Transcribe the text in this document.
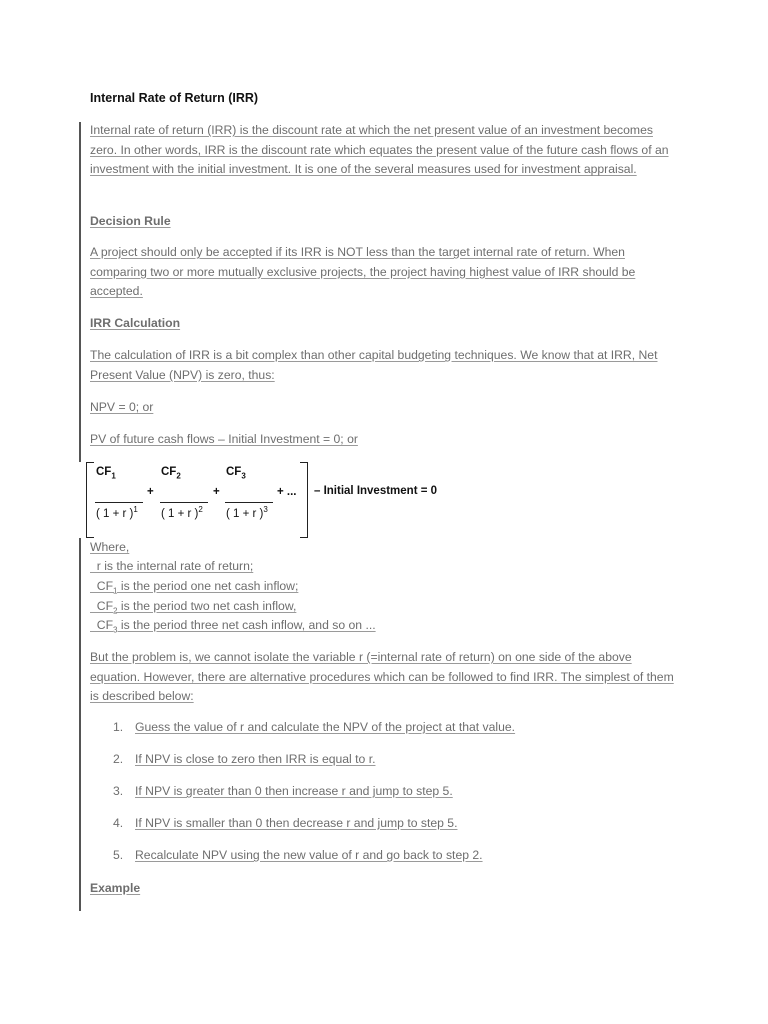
Internal Rate of Return (IRR)
Internal rate of return (IRR) is the discount rate at which the net present value of an investment becomes zero. In other words, IRR is the discount rate which equates the present value of the future cash flows of an investment with the initial investment. It is one of the several measures used for investment appraisal.
Decision Rule
A project should only be accepted if its IRR is NOT less than the target internal rate of return. When comparing two or more mutually exclusive projects, the project having highest value of IRR should be accepted.
IRR Calculation
The calculation of IRR is a bit complex than other capital budgeting techniques. We know that at IRR, Net Present Value (NPV) is zero, thus:
NPV = 0; or
PV of future cash flows – Initial Investment = 0; or
$CF_1$
( 1 + r )$^1$
+
$CF_2$
( 1 + r )$^2$
+
$CF_3$
( 1 + r )$^3$
+ ... – Initial Investment = 0
Where,
r is the internal rate of return;
$CF_1$ is the period one net cash inflow;
$CF_2$ is the period two net cash inflow,
$CF_3$ is the period three net cash inflow, and so on ...
But the problem is, we cannot isolate the variable r (=internal rate of return) on one side of the above equation. However, there are alternative procedures which can be followed to find IRR. The simplest of them is described below:
1. Guess the value of r and calculate the NPV of the project at that value.
2. If NPV is close to zero then IRR is equal to r.
3. If NPV is greater than 0 then increase r and jump to step 5.
4. If NPV is smaller than 0 then decrease r and jump to step 5.
5. Recalculate NPV using the new value of r and go back to step 2.
Example
